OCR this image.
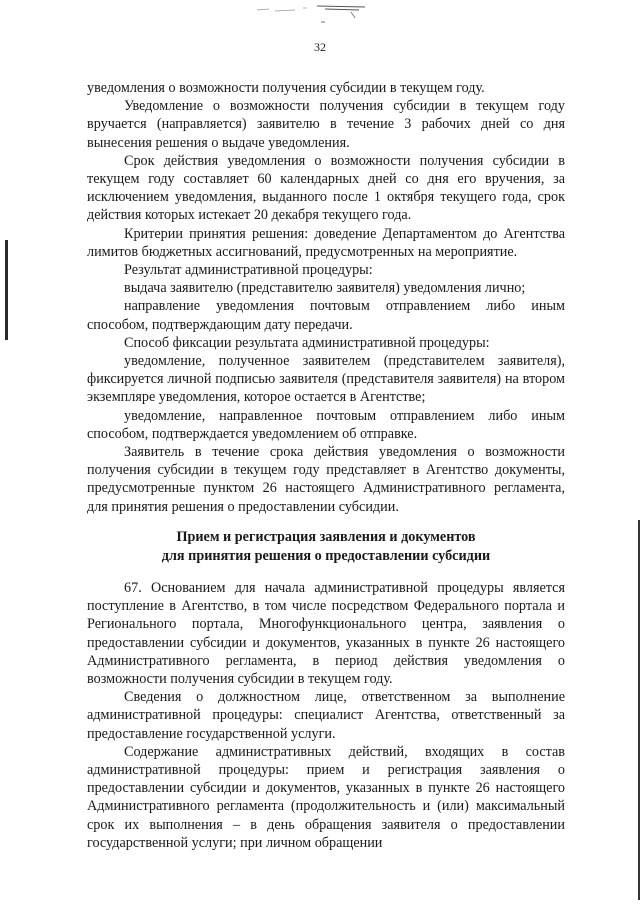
32

уведомления о возможности получения субсидии в текущем году.

Уведомление о возможности получения субсидии в текущем году вручается (направляется) заявителю в течение 3 рабочих дней со дня вынесения решения о выдаче уведомления.

Срок действия уведомления о возможности получения субсидии в текущем году составляет 60 календарных дней со дня его вручения, за исключением уведомления, выданного после 1 октября текущего года, срок действия которых истекает 20 декабря текущего года.

Критерии принятия решения: доведение Департаментом до Агентства лимитов бюджетных ассигнований, предусмотренных на мероприятие.

Результат административной процедуры:

выдача заявителю (представителю заявителя) уведомления лично;

направление уведомления почтовым отправлением либо иным способом, подтверждающим дату передачи.

Способ фиксации результата административной процедуры:

уведомление, полученное заявителем (представителем заявителя), фиксируется личной подписью заявителя (представителя заявителя) на втором экземпляре уведомления, которое остается в Агентстве;

уведомление, направленное почтовым отправлением либо иным способом, подтверждается уведомлением об отправке.

Заявитель в течение срока действия уведомления о возможности получения субсидии в текущем году представляет в Агентство документы, предусмотренные пунктом 26 настоящего Административного регламента, для принятия решения о предоставлении субсидии.

Прием и регистрация заявления и документов
для принятия решения о предоставлении субсидии

67. Основанием для начала административной процедуры является поступление в Агентство, в том числе посредством Федерального портала и Регионального портала, Многофункционального центра, заявления о предоставлении субсидии и документов, указанных в пункте 26 настоящего Административного регламента, в период действия уведомления о возможности получения субсидии в текущем году.

Сведения о должностном лице, ответственном за выполнение административной процедуры: специалист Агентства, ответственный за предоставление государственной услуги.

Содержание административных действий, входящих в состав административной процедуры: прием и регистрация заявления о предоставлении субсидии и документов, указанных в пункте 26 настоящего Административного регламента (продолжительность и (или) максимальный срок их выполнения – в день обращения заявителя о предоставлении государственной услуги; при личном обращении
